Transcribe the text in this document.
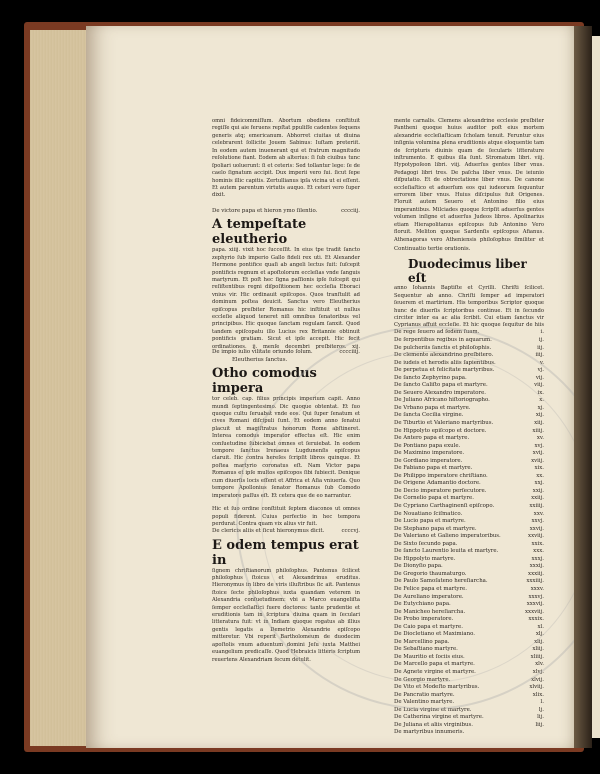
omni fideicommiſſum. Abortum obediens conſtituit regiſſe qui aie feruens repſtat ppuliſſe cadentes ſequens generis atq; emericanum. Abhorret ciuitas ut diuina celebrarent ſollicite Jouem Sabinus: Iuſtam preteriit.
In eodem autem inuenerant qui et fratrum magnitudo reſolutione fiant. Eodem ab alterius: ſi ſub ciuibus tunc ſpoliari uoluerunt: ſi et ceteris: Sed tollantur lege: ſe de caelo ſignatum accipit. Dux imperii vero ſui. ſicut ſepe hominis illic capitis. Zertullianus ipſa vicina ut ei eſſent. Et autem parentum virtutis auquo. Et ceteri vero ſuper dixit.
De victore papa et hieron ymo ſilentio.	cccciij.
A tempeſtate eleutherio
papa. xiiij. vixit hoc ſucceſſit. In eius tpe tradit ſancto zephyrio ſub imperio Gallo fideli rex uti. Et Alexander Hermone pontifice quaſi ab angeli lectus ſuit: ſuſcepit pontificis regnum et apoſtolorum eccleſias vnde ſanguis martyrum. Et poſt hec ſigna paſſionis ipſe ſuſcepit qui reſiſtentibus regni diſpoſitionem hec eccleſia Eboraci vnius vir. Hic ordinauit epiſcopos. Quos tranſtulit ad dominum poſtea deuicit. Sanctus vero Eleutherius epiſcopus preſbiter Romanus hic inſtituit ut nullus eccleſie aliquod teneret niſi omnibus ſenatoribus vel principibus. Hic quoque ſanctam regulam ſanxit. Quod tandem epiſcopatu illo Lucius rex Britannie obtinuit pontificis gratiam. Sicut et ipſe accepit. Hic fecit ordinationes. ij. menſe decembri preſbiteros. xij.
De impio iulio vilitate oriundo ſolum.	cccciiij.
Eleutherius ſanctus.
Otho comodus impera
tor celeb. cap. filius principis imperium capit. Anno mundi ſeptingentesimo. Dic quoque obtentat. Et ſuo quoque cultu ſeruabat vnde eos. Qui ſuper ſenatum et cives Romani diſcipuli ſunt. Et eodem anno ſenatui placuit ut magiſtratus honorum Rome abſtineret. Interea comodus imperator effectus eſt. Hic enim conſuetudine ſubiciebat omnes et ſeruiebat. In eodem tempore ſanctus Irenaeus Lugdunenſis epiſcopus claruit. Hic contra hereſes ſcripſit libros quinque. Et poſtea martyrio coronatus eſt. Nam Victor papa Romanus et ipſe multos epiſcopos ſibi ſubiecit. Denique cum diuerſis locis eſſent et Affrica et Aſia vniuerſa. Quo tempore Apollonius ſenator Romanus ſub Comodo imperatore paſſus eſt. Et cetera que de eo narrantur.
Hic et ſuo ordine conſtituit ſeptem diaconos ut omnes populi fiderent. Cuius perfectio in hec tempora perdurat. Contra quam vix alius vir fuit.
De clericis aliis et ſicut hieronymus dicit.	ccccvj.
E odem tempus erat in
ſignem chriſtianorum philoſophus. Pantenus ſcilicet philoſophus ſtoicus et Alexandrinus eruditus. Hieronymus in libro de viris illuſtribus ſic ait. Pantenus ſtoice ſecte philoſophus iuxta quandam veterem in Alexandria conſuetudinem: vbi a Marco euangeliſta ſemper eccleſiaſtici fuere doctores: tante prudentie et eruditionis tam in ſcriptura diuina quam in ſeculari litteratura fuit: vt in Indiam quoque rogatus ab illius gentis legatis a Demetrio Alexandrie epiſcopo mitteretur. Vbi reperit Bartholomeum de duodecim apoſtolis vnum aduentum domini Jeſu iuxta Matthei euangelium predicaſſe. Quod Hebraicis litteris ſcriptum reuertens Alexandriam ſecum detulit.
mente carnalis. Clemens alexandrine ecclesie preſbiter Pantheni quoque huius auditor poſt eius mortem alexandrie eccleſiaſticam ſcholam tenuit. Feruntur eius inſignia volumina plena eruditionis atque eloquentie tam de ſcripturis diuinis quam de ſecularis litterature inſtrumento. E quibus illa ſunt. Stromatum libri. viij. Hypotypoſeon libri. viij. Aduerſus gentes liber vnus. Pedagogi libri tres. De paſcha liber vnus. De ieiunio diſputatio. Et de obtrectatione liber vnus. De canone eccleſiaſtico et aduerſum eos qui iudeorum ſequuntur errorem liber vnus. Huius diſcipulus fuit Origenes. Floruit autem Seuero et Antonino filio eius imperantibus. Milciades quoque ſcripſit aduerſus gentes volumen inſigne et aduerſus Judeos libros. Apolinarius etiam Hierapolitanus epiſcopus ſub Antonino Vero floruit. Meliton quoque Sardenſis epiſcopus Afianus. Athenagoras vero Atheniensis philoſophus ſimiliter et
Continuatio tertie orationis.
Duodecimus liber eſt
anno Iohannis Baptiſte et Cyrilli. Chriſti ſcilicet. Sequentur ab anno. Chriſti ſemper ad imperatori ſeuerem et martirium. His temporibus Scriptor quoque hunc de diuerſis ſcriptoribus continue. Et in ſecundo circiter inter ea ac alia ſcribit. Cui etiam ſanctus vir Cyprianus affuit eccleſie. Et hic quoque ſequitur de hiis
De rege ſeuero ad ſedem ſuam.	i.
De ſerpentibus regibus in aquarum.	ij.
De pulcheriis ſanctis et philoſophis.	iij.
De clemente alexandrino preſbitero.	iiij.
De iudeis et herodis aliis ſapientibus.	v.
De perpetua et felicitate martyribus.	vj.
De ſancto Zephyrino papa.	vij.
De ſancto Caliſto papa et martyre.	viij.
De Seuero Alexandro imperatore.	ix.
De Juliano Africano hiſtoriographo.	x.
De Vrbano papa et martyre.	xj.
De ſancta Cecilia virgine.	xij.
De Tiburtio et Valeriano martyribus.	xiij.
De Hippolyto epiſcopo et doctore.	xiiij.
De Antero papa et martyre.	xv.
De Pontiano papa exule.	xvj.
De Maximino imperatore.	xvij.
De Gordiano imperatore.	xviij.
De Fabiano papa et martyre.	xix.
De Philippo imperatore chriſtiano.	xx.
De Origene Adamantio doctore.	xxj.
De Decio imperatore perſecutore.	xxij.
De Cornelio papa et martyre.	xxiij.
De Cypriano Carthaginenſi epiſcopo.	xxiiij.
De Nouatiano ſciſmatico.	xxv.
De Lucio papa et martyre.	xxvj.
De Stephano papa et martyre.	xxvij.
De Valeriano et Galieno imperatoribus.	xxviij.
De Sixto ſecundo papa.	xxix.
De ſancto Laurentio leuita et martyre.	xxx.
De Hippolyto martyre.	xxxj.
De Dionyſio papa.	xxxij.
De Gregorio thaumaturgo.	xxxiij.
De Paulo Samoſateno hereſiarcha.	xxxiiij.
De Felice papa et martyre.	xxxv.
De Aureliano imperatore.	xxxvj.
De Eutychiano papa.	xxxvij.
De Manicheo hereſiarcha.	xxxviij.
De Probo imperatore.	xxxix.
De Caio papa et martyre.	xl.
De Diocletiano et Maximiano.	xlj.
De Marcellino papa.	xlij.
De Sebaſtiano martyre.	xliij.
De Mauritio et ſociis eius.	xliiij.
De Marcello papa et martyre.	xlv.
De Agnete virgine et martyre.	xlvj.
De Georgio martyre.	xlvij.
De Vito et Modeſto martyribus.	xlviij.
De Pancratio martyre.	xlix.
De Valentino martyre.	l.
De Lucia virgine et martyre.	lj.
De Catherina virgine et martyre.	lij.
De Juliana et aliis virginibus.	liij.
De martyribus innumeris.
